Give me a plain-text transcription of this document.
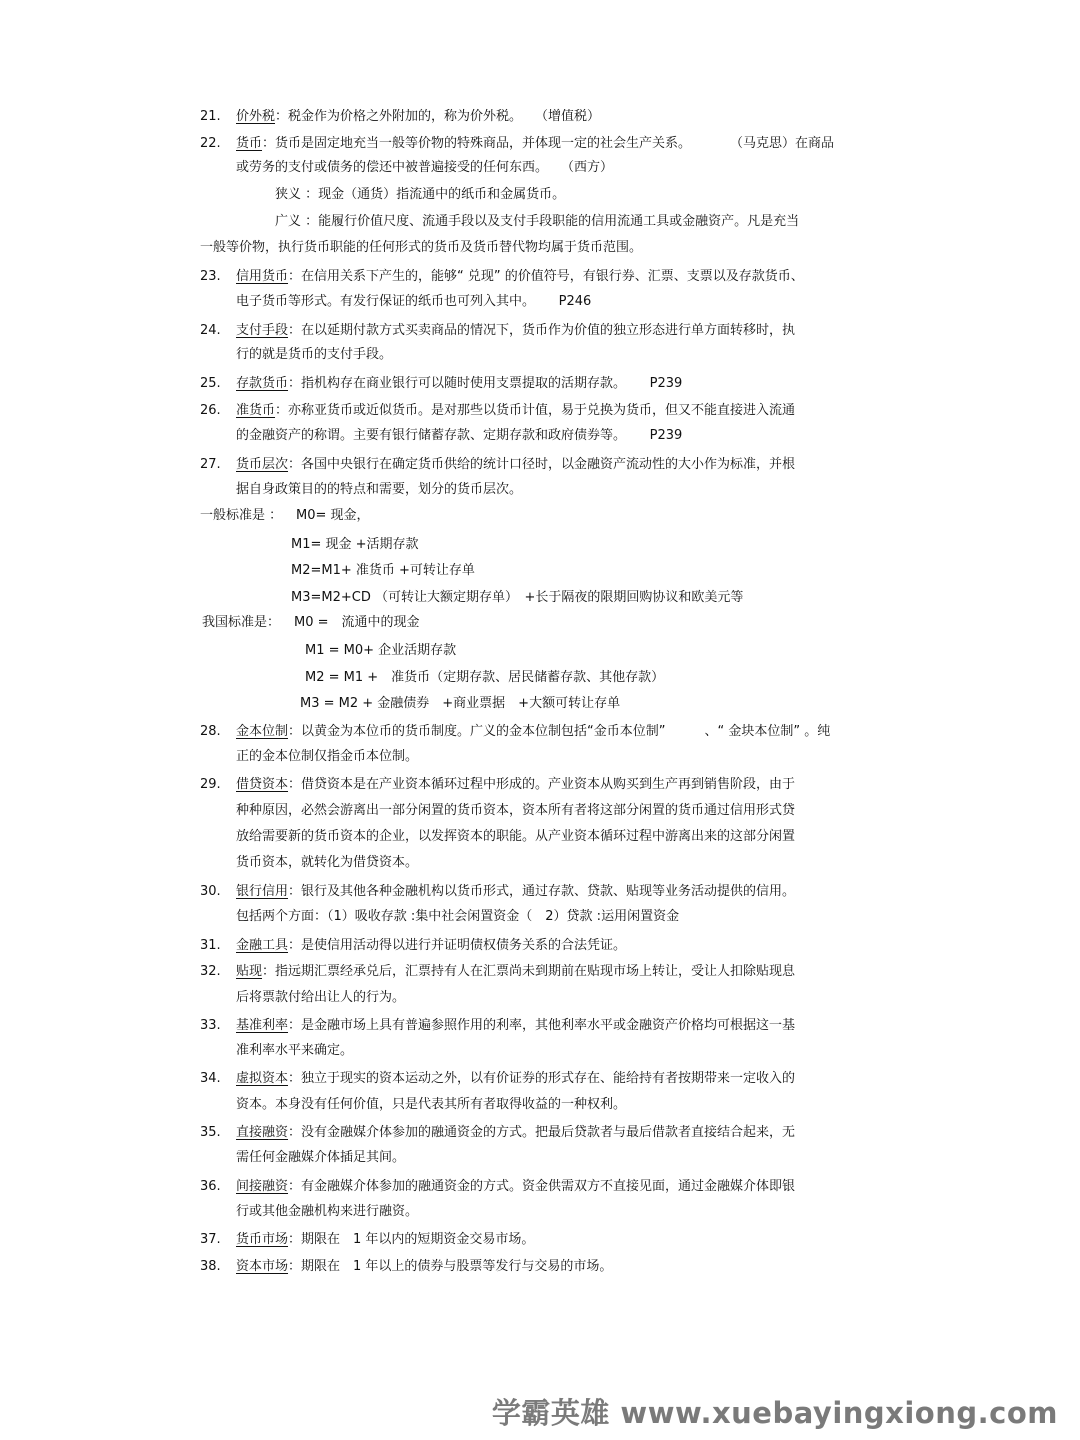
21. 价外税：税金作为价格之外附加的，称为价外税。　　（增值税）
22. 货币：货币是固定地充当一般等价物的特殊商品，并体现一定的社会生产关系。　　　　（马克思）在商品
或劳务的支付或债务的偿还中被普遍接受的任何东西。　　（西方）
狭义 ：现金（通货）指流通中的纸币和金属货币。
广义 ：能履行价值尺度、流通手段以及支付手段职能的信用流通工具或金融资产。凡是充当
一般等价物，执行货币职能的任何形式的货币及货币替代物均属于货币范围。
23. 信用货币：在信用关系下产生的，能够“ 兑现” 的价值符号，有银行券、汇票、支票以及存款货币、
电子货币等形式。有发行保证的纸币也可列入其中。　　 P246
24. 支付手段：在以延期付款方式买卖商品的情况下，货币作为价值的独立形态进行单方面转移时，执
行的就是货币的支付手段。
25. 存款货币：指机构存在商业银行可以随时使用支票提取的活期存款。　　 P239
26. 准货币：亦称亚货币或近似货币。是对那些以货币计值，易于兑换为货币，但又不能直接进入流通
的金融资产的称谓。主要有银行储蓄存款、定期存款和政府债券等。　　 P239
27. 货币层次：各国中央银行在确定货币供给的统计口径时，以金融资产流动性的大小作为标准，并根
据自身政策目的的特点和需要，划分的货币层次。
一般标准是 ： M0= 现金，
M1= 现金 +活期存款
M2=M1+ 准货币 +可转让存单
M3=M2+CD （可转让大额定期存单）　+长于隔夜的限期回购协议和欧美元等
我国标准是： M0 =　流通中的现金
M1 = M0+ 企业活期存款
M2 = M1 +　准货币（定期存款、居民储蓄存款、其他存款）
M3 = M2 + 金融债券　+商业票据　+大额可转让存单
28. 金本位制：以黄金为本位币的货币制度。广义的金本位制包括“金币本位制”　　　、“ 金块本位制” 。纯
正的金本位制仅指金币本位制。
29. 借贷资本：借贷资本是在产业资本循环过程中形成的。产业资本从购买到生产再到销售阶段，由于
种种原因，必然会游离出一部分闲置的货币资本，资本所有者将这部分闲置的货币通过信用形式贷
放给需要新的货币资本的企业，以发挥资本的职能。从产业资本循环过程中游离出来的这部分闲置
货币资本，就转化为借贷资本。
30. 银行信用：银行及其他各种金融机构以货币形式，通过存款、贷款、贴现等业务活动提供的信用。
包括两个方面：（1）吸收存款 :集中社会闲置资金（　2）贷款 :运用闲置资金
31. 金融工具：是使信用活动得以进行并证明债权债务关系的合法凭证。
32. 贴现：指远期汇票经承兑后，汇票持有人在汇票尚未到期前在贴现市场上转让，受让人扣除贴现息
后将票款付给出让人的行为。
33. 基准利率：是金融市场上具有普遍参照作用的利率，其他利率水平或金融资产价格均可根据这一基
准利率水平来确定。
34. 虚拟资本：独立于现实的资本运动之外，以有价证券的形式存在、能给持有者按期带来一定收入的
资本。本身没有任何价值，只是代表其所有者取得收益的一种权利。
35. 直接融资：没有金融媒介体参加的融通资金的方式。把最后贷款者与最后借款者直接结合起来，无
需任何金融媒介体插足其间。
36. 间接融资：有金融媒介体参加的融通资金的方式。资金供需双方不直接见面，通过金融媒介体即银
行或其他金融机构来进行融资。
37. 货币市场：期限在　1 年以内的短期资金交易市场。
38. 资本市场：期限在　1 年以上的债券与股票等发行与交易的市场。
学霸英雄 www.xuebayingxiong.com
